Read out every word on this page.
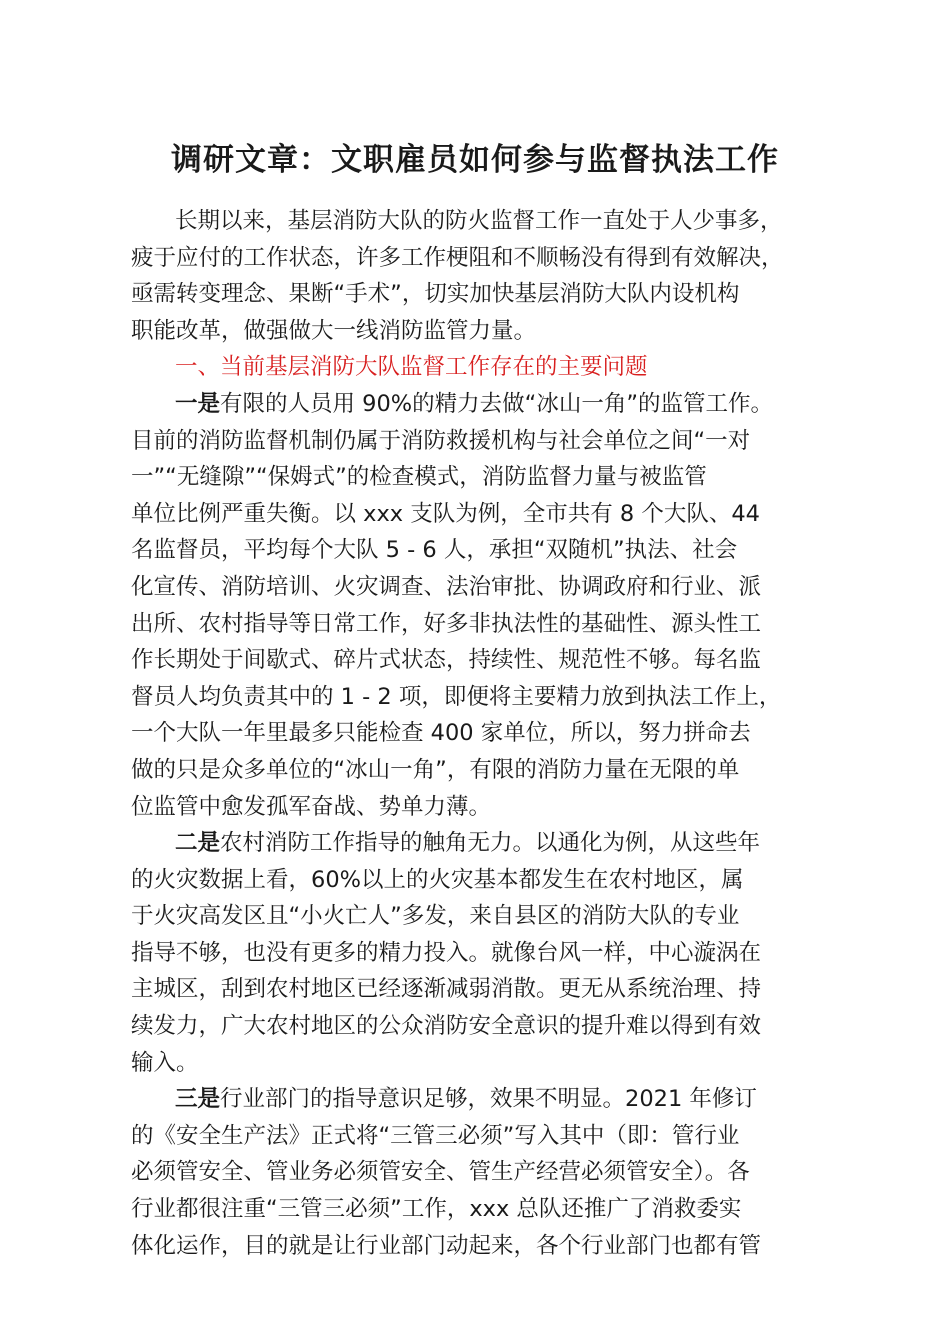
调研文章：文职雇员如何参与监督执法工作
长期以来，基层消防大队的防火监督工作一直处于人少事多，
疲于应付的工作状态，许多工作梗阻和不顺畅没有得到有效解决，
亟需转变理念、果断“手术”，切实加快基层消防大队内设机构
职能改革，做强做大一线消防监管力量。
一、当前基层消防大队监督工作存在的主要问题
一是有限的人员用 90%的精力去做“冰山一角”的监管工作。
目前的消防监督机制仍属于消防救援机构与社会单位之间“一对
一”“无缝隙”“保姆式”的检查模式，消防监督力量与被监管
单位比例严重失衡。以 xxx 支队为例，全市共有 8 个大队、44
名监督员，平均每个大队 5 - 6 人，承担“双随机”执法、社会
化宣传、消防培训、火灾调查、法治审批、协调政府和行业、派
出所、农村指导等日常工作，好多非执法性的基础性、源头性工
作长期处于间歇式、碎片式状态，持续性、规范性不够。每名监
督员人均负责其中的 1 - 2 项，即便将主要精力放到执法工作上，
一个大队一年里最多只能检查 400 家单位，所以，努力拼命去
做的只是众多单位的“冰山一角”，有限的消防力量在无限的单
位监管中愈发孤军奋战、势单力薄。
二是农村消防工作指导的触角无力。以通化为例，从这些年
的火灾数据上看，60%以上的火灾基本都发生在农村地区，属
于火灾高发区且“小火亡人”多发，来自县区的消防大队的专业
指导不够，也没有更多的精力投入。就像台风一样，中心漩涡在
主城区，刮到农村地区已经逐渐减弱消散。更无从系统治理、持
续发力，广大农村地区的公众消防安全意识的提升难以得到有效
输入。
三是行业部门的指导意识足够，效果不明显。2021 年修订
的《安全生产法》正式将“三管三必须”写入其中（即：管行业
必须管安全、管业务必须管安全、管生产经营必须管安全）。各
行业都很注重“三管三必须”工作，xxx 总队还推广了消救委实
体化运作，目的就是让行业部门动起来，各个行业部门也都有管
